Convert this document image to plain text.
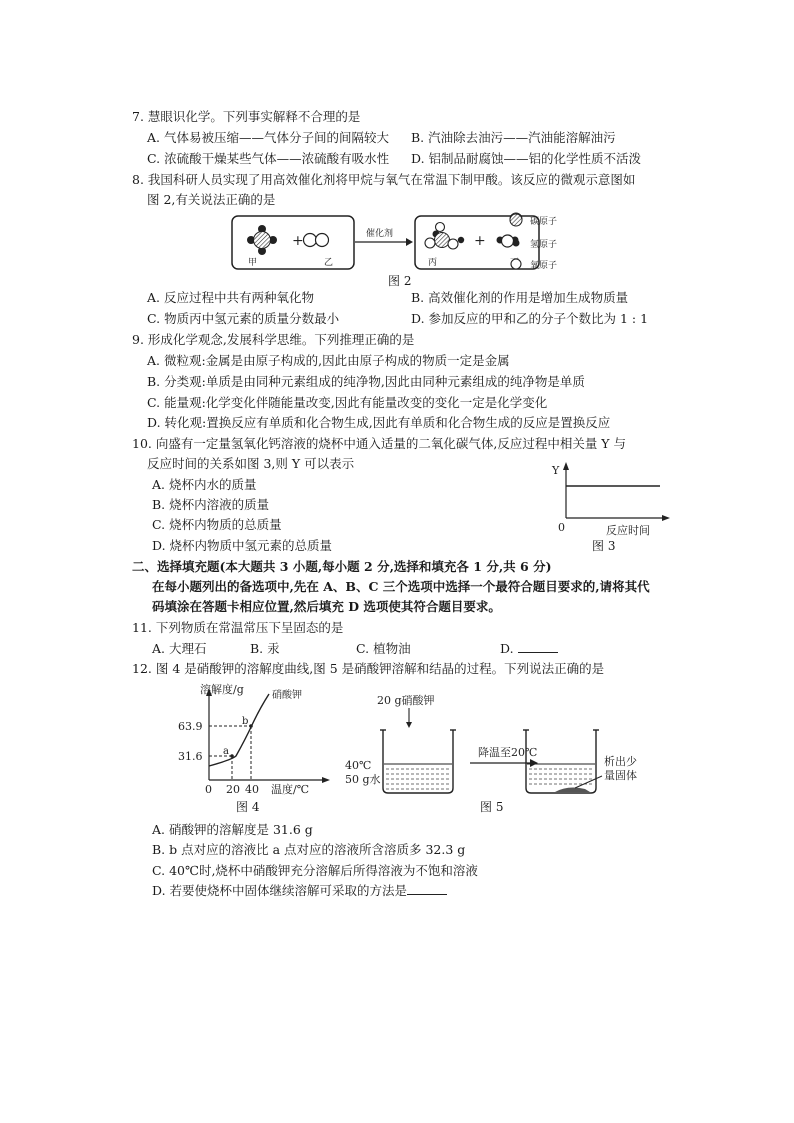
7. 慧眼识化学。下列事实解释不合理的是
A. 气体易被压缩——气体分子间的间隔较大 B. 汽油除去油污——汽油能溶解油污
C. 浓硫酸干燥某些气体——浓硫酸有吸水性 D. 铝制品耐腐蚀——铝的化学性质不活泼
8. 我国科研人员实现了用高效催化剂将甲烷与氧气在常温下制甲酸。该反应的微观示意图如
图 2,有关说法正确的是
+
甲	乙
催化剂	+
丙
碳原子
氢原子
氧原子
图 2
A. 反应过程中共有两种氧化物	B. 高效催化剂的作用是增加生成物质量
C. 物质丙中氢元素的质量分数最小	D. 参加反应的甲和乙的分子个数比为 1 : 1
9. 形成化学观念,发展科学思维。下列推理正确的是
A. 微粒观:金属是由原子构成的,因此由原子构成的物质一定是金属
B. 分类观:单质是由同种元素组成的纯净物,因此由同种元素组成的纯净物是单质
C. 能量观:化学变化伴随能量改变,因此有能量改变的变化一定是化学变化
D. 转化观:置换反应有单质和化合物生成,因此有单质和化合物生成的反应是置换反应
10. 向盛有一定量氢氧化钙溶液的烧杯中通入适量的二氧化碳气体,反应过程中相关量 Y 与
反应时间的关系如图 3,则 Y 可以表示
A. 烧杯内水的质量
B. 烧杯内溶液的质量
C. 烧杯内物质的总质量
D. 烧杯内物质中氢元素的总质量
Y
0	反应时间
图 3
二、选择填充题(本大题共 3 小题,每小题 2 分,选择和填充各 1 分,共 6 分)
在每小题列出的备选项中,先在 A、B、C 三个选项中选择一个最符合题目要求的,请将其代
码填涂在答题卡相应位置,然后填充 D 选项使其符合题目要求。
11. 下列物质在常温常压下呈固态的是
A. 大理石	B. 汞	C. 植物油	D.
12. 图 4 是硝酸钾的溶解度曲线,图 5 是硝酸钾溶解和结晶的过程。下列说法正确的是
a
b
63.9
31.6
0 20 40 温度/℃
溶解度/g	硝酸钾
图 4
20 g硝酸钾
40℃
50 g水
降温至20℃
析出少
量固体
图 5
A. 硝酸钾的溶解度是 31.6 g
B. b 点对应的溶液比 a 点对应的溶液所含溶质多 32.3 g
C. 40℃时,烧杯中硝酸钾充分溶解后所得溶液为不饱和溶液
D. 若要使烧杯中固体继续溶解可采取的方法是
